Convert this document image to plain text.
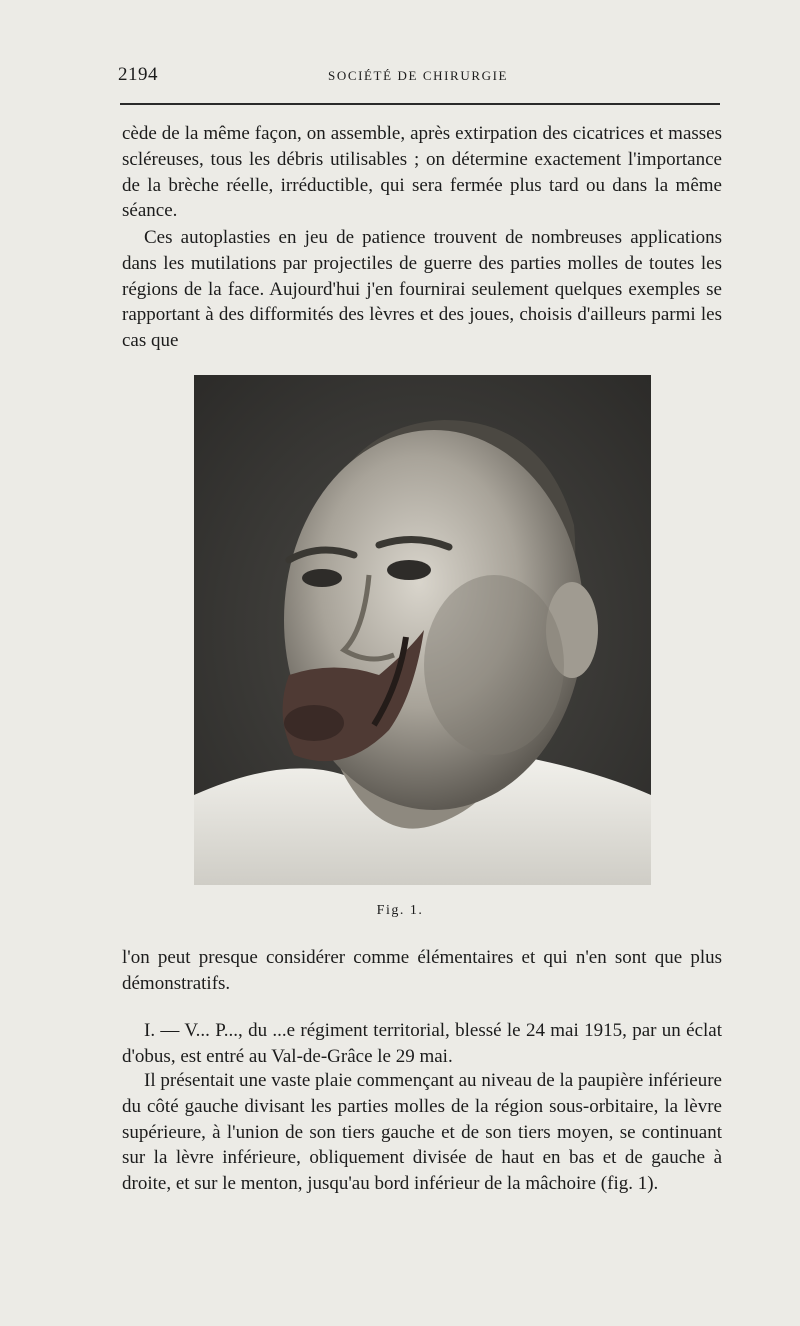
2194	SOCIÉTÉ DE CHIRURGIE

cède de la même façon, on assemble, après extirpation des cicatrices et masses scléreuses, tous les débris utilisables ; on détermine exactement l'importance de la brèche réelle, irréductible, qui sera fermée plus tard ou dans la même séance.

Ces autoplasties en jeu de patience trouvent de nombreuses applications dans les mutilations par projectiles de guerre des parties molles de toutes les régions de la face. Aujourd'hui j'en fournirai seulement quelques exemples se rapportant à des difformités des lèvres et des joues, choisis d'ailleurs parmi les cas que

Fig. 1.

l'on peut presque considérer comme élémentaires et qui n'en sont que plus démonstratifs.

I. — V... P..., du ...e régiment territorial, blessé le 24 mai 1915, par un éclat d'obus, est entré au Val-de-Grâce le 29 mai.

Il présentait une vaste plaie commençant au niveau de la paupière inférieure du côté gauche divisant les parties molles de la région sous-orbitaire, la lèvre supérieure, à l'union de son tiers gauche et de son tiers moyen, se continuant sur la lèvre inférieure, obliquement divisée de haut en bas et de gauche à droite, et sur le menton, jusqu'au bord inférieur de la mâchoire (fig. 1).
